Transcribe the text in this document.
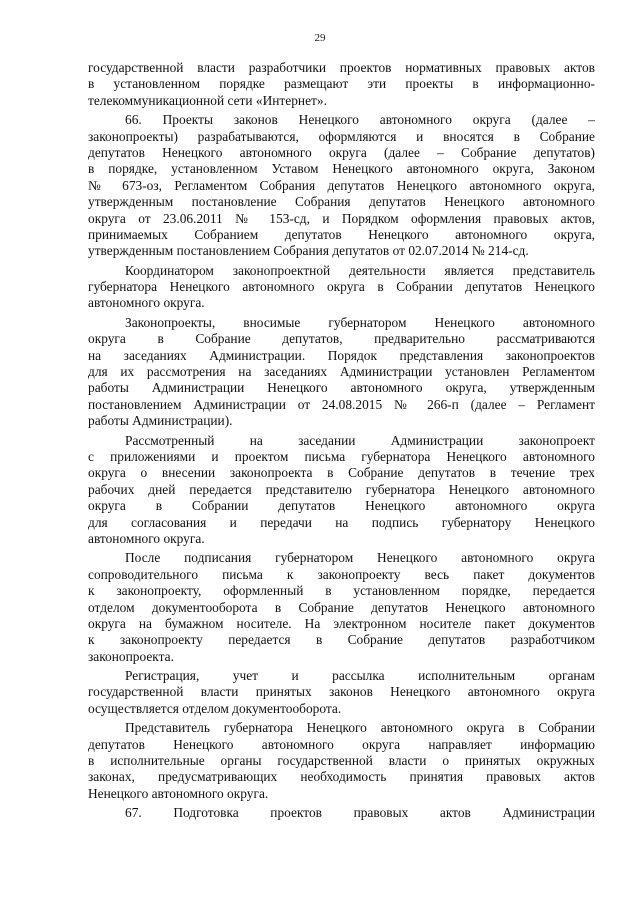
29
государственной власти разработчики проектов нормативных правовых актов
в установленном порядке размещают эти проекты в информационно-
телекоммуникационной сети «Интернет».
66. Проекты законов Ненецкого автономного округа (далее –
законопроекты) разрабатываются, оформляются и вносятся в Собрание
депутатов Ненецкого автономного округа (далее – Собрание депутатов)
в порядке, установленном Уставом Ненецкого автономного округа, Законом
№ 673-оз, Регламентом Собрания депутатов Ненецкого автономного округа,
утвержденным постановление Собрания депутатов Ненецкого автономного
округа от 23.06.2011 № 153-сд, и Порядком оформления правовых актов,
принимаемых Собранием депутатов Ненецкого автономного округа,
утвержденным постановлением Собрания депутатов от 02.07.2014 № 214-сд.
Координатором законопроектной деятельности является представитель
губернатора Ненецкого автономного округа в Собрании депутатов Ненецкого
автономного округа.
Законопроекты, вносимые губернатором Ненецкого автономного
округа в Собрание депутатов, предварительно рассматриваются
на заседаниях Администрации. Порядок представления законопроектов
для их рассмотрения на заседаниях Администрации установлен Регламентом
работы Администрации Ненецкого автономного округа, утвержденным
постановлением Администрации от 24.08.2015 № 266-п (далее – Регламент
работы Администрации).
Рассмотренный на заседании Администрации законопроект
с приложениями и проектом письма губернатора Ненецкого автономного
округа о внесении законопроекта в Собрание депутатов в течение трех
рабочих дней передается представителю губернатора Ненецкого автономного
округа в Собрании депутатов Ненецкого автономного округа
для согласования и передачи на подпись губернатору Ненецкого
автономного округа.
После подписания губернатором Ненецкого автономного округа
сопроводительного письма к законопроекту весь пакет документов
к законопроекту, оформленный в установленном порядке, передается
отделом документооборота в Собрание депутатов Ненецкого автономного
округа на бумажном носителе. На электронном носителе пакет документов
к законопроекту передается в Собрание депутатов разработчиком
законопроекта.
Регистрация, учет и рассылка исполнительным органам
государственной власти принятых законов Ненецкого автономного округа
осуществляется отделом документооборота.
Представитель губернатора Ненецкого автономного округа в Собрании
депутатов Ненецкого автономного округа направляет информацию
в исполнительные органы государственной власти о принятых окружных
законах, предусматривающих необходимость принятия правовых актов
Ненецкого автономного округа.
67. Подготовка проектов правовых актов Администрации
